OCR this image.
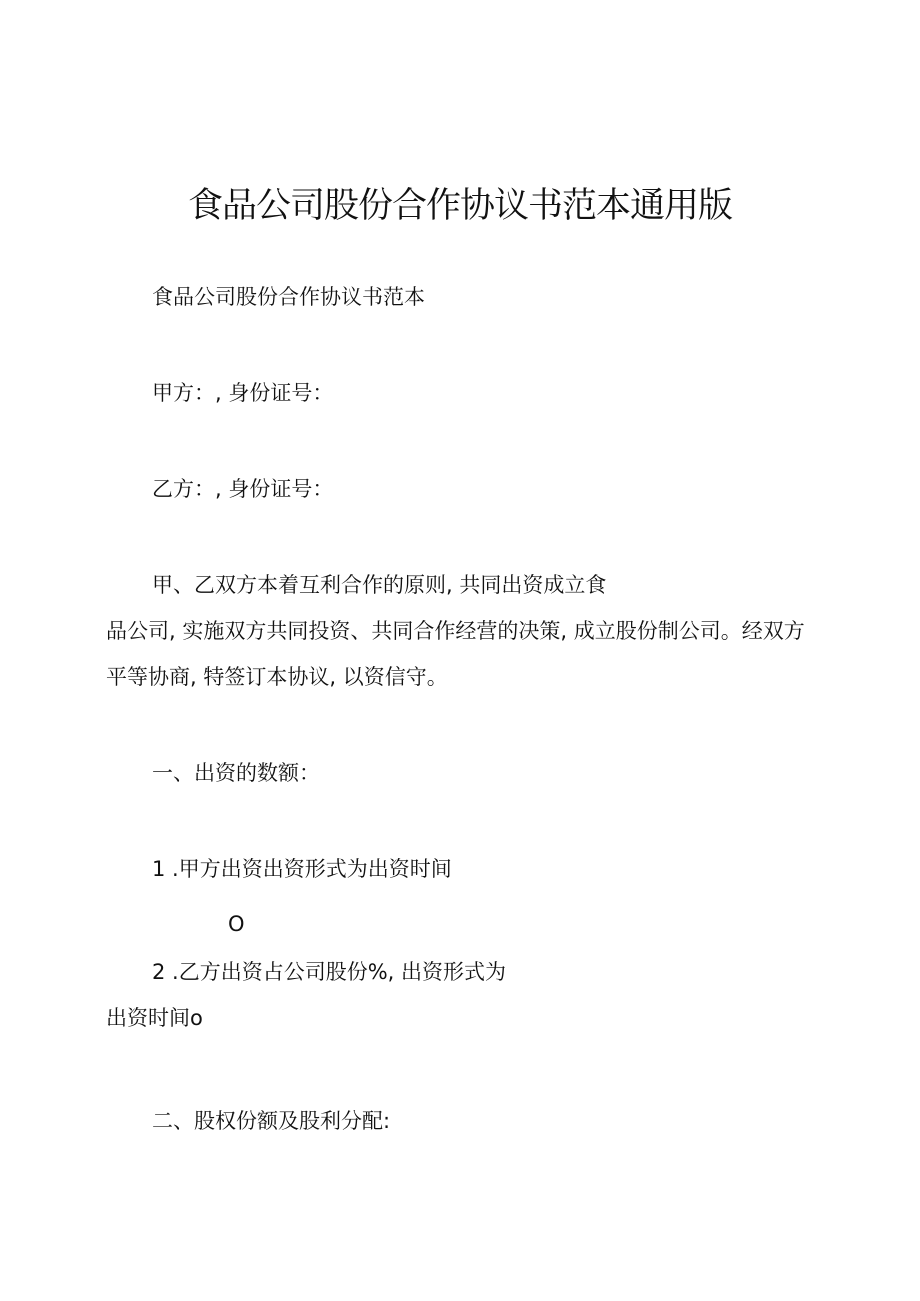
食品公司股份合作协议书范本通用版

食品公司股份合作协议书范本

甲方：, 身份证号：

乙方：, 身份证号：

甲、乙双方本着互利合作的原则, 共同出资成立食

品公司, 实施双方共同投资、共同合作经营的决策, 成立股份制公司。经双方

平等协商, 特签订本协议, 以资信守。

一、出资的数额：

1 .甲方出资出资形式为出资时间

O

2 .乙方出资占公司股份%, 出资形式为

出资时间o

二、股权份额及股利分配:
